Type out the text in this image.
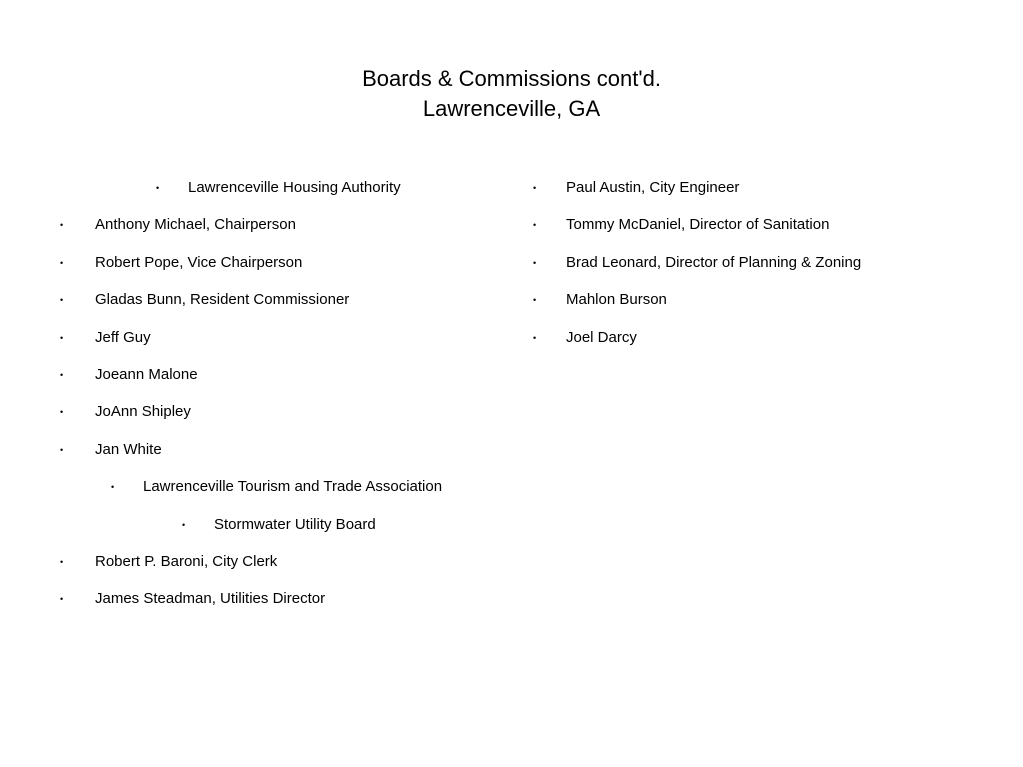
Boards & Commissions cont'd.
Lawrenceville, GA
• Lawrenceville Housing Authority
• Anthony Michael, Chairperson
• Robert Pope, Vice Chairperson
• Gladas Bunn, Resident Commissioner
• Jeff Guy
• Joeann Malone
• JoAnn Shipley
• Jan White
• Lawrenceville Tourism and Trade Association
• Stormwater Utility Board
• Robert P. Baroni, City Clerk
• James Steadman, Utilities Director
• Paul Austin, City Engineer
• Tommy McDaniel, Director of Sanitation
• Brad Leonard, Director of Planning & Zoning
• Mahlon Burson
• Joel Darcy
